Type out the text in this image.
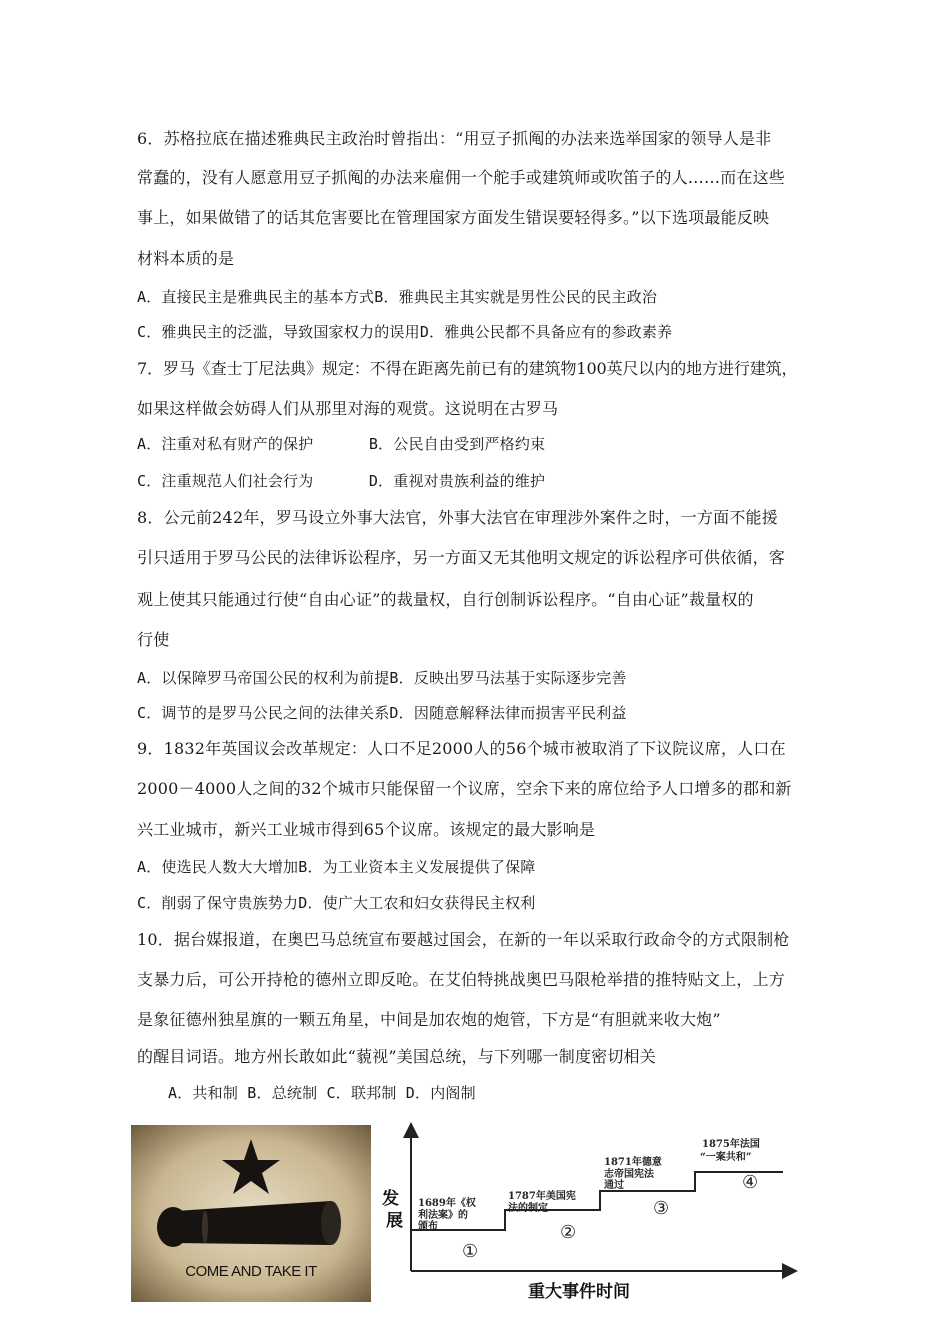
6．苏格拉底在描述雅典民主政治时曾指出：“用豆子抓阄的办法来选举国家的领导人是非
常蠢的，没有人愿意用豆子抓阄的办法来雇佣一个舵手或建筑师或吹笛子的人……而在这些
事上，如果做错了的话其危害要比在管理国家方面发生错误要轻得多。”以下选项最能反映
材料本质的是
A．直接民主是雅典民主的基本方式B．雅典民主其实就是男性公民的民主政治
C．雅典民主的泛滥，导致国家权力的误用D．雅典公民都不具备应有的参政素养
7．罗马《查士丁尼法典》规定：不得在距离先前已有的建筑物100英尺以内的地方进行建筑，
如果这样做会妨碍人们从那里对海的观赏。这说明在古罗马
A．注重对私有财产的保护      B．公民自由受到严格约束
C．注重规范人们社会行为      D．重视对贵族利益的维护
8．公元前242年，罗马设立外事大法官，外事大法官在审理涉外案件之时，一方面不能援
引只适用于罗马公民的法律诉讼程序，另一方面又无其他明文规定的诉讼程序可供依循，客
观上使其只能通过行使“自由心证”的裁量权，自行创制诉讼程序。“自由心证”裁量权的
行使
A．以保障罗马帝国公民的权利为前提B．反映出罗马法基于实际逐步完善
C．调节的是罗马公民之间的法律关系D．因随意解释法律而损害平民利益
9．1832年英国议会改革规定：人口不足2000人的56个城市被取消了下议院议席，人口在
2000－4000人之间的32个城市只能保留一个议席，空余下来的席位给予人口增多的郡和新
兴工业城市，新兴工业城市得到65个议席。该规定的最大影响是
A．使选民人数大大增加B．为工业资本主义发展提供了保障
C．削弱了保守贵族势力D．使广大工农和妇女获得民主权利
10．据台媒报道，在奥巴马总统宣布要越过国会，在新的一年以采取行政命令的方式限制枪
支暴力后，可公开持枪的德州立即反呛。在艾伯特挑战奥巴马限枪举措的推特贴文上，上方
是象征德州独星旗的一颗五角星，中间是加农炮的炮管，下方是“有胆就来收大炮”
的醒目词语。地方州长敢如此“藐视”美国总统，与下列哪一制度密切相关
A．共和制 B．总统制 C．联邦制 D．内阁制
COME AND TAKE IT
发
展
重大事件时间
1689年《权
利法案》的
颁布
①
1787年美国宪
法的制定
②
1871年德意
志帝国宪法
通过
③
1875年法国
“一案共和”
④
